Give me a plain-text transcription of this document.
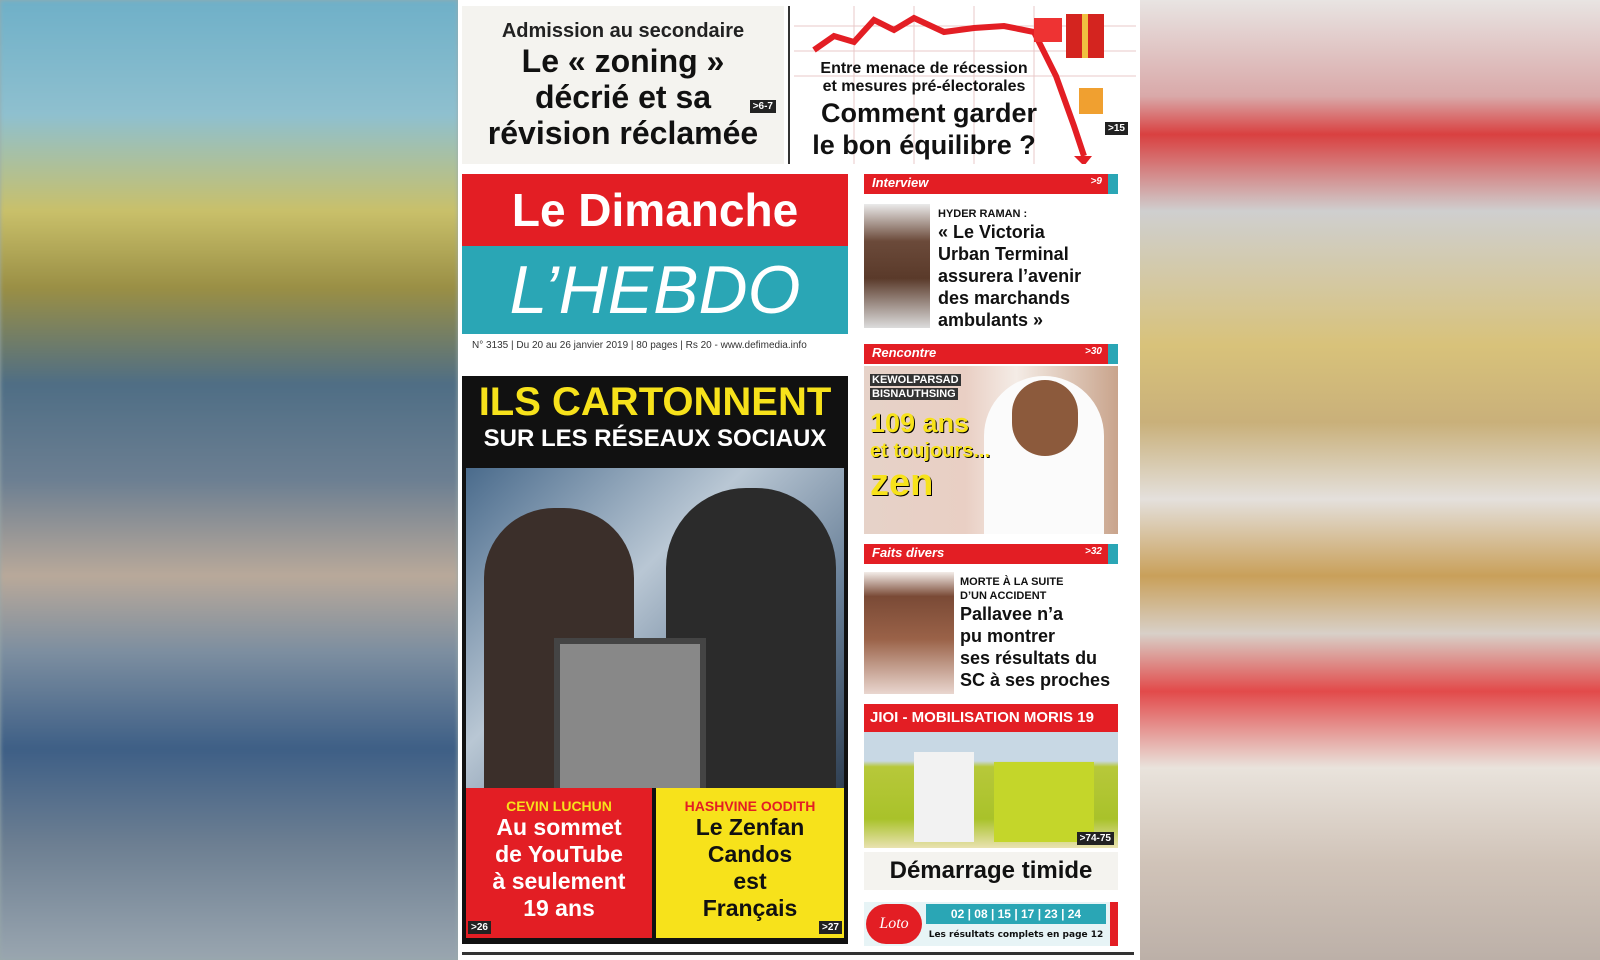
Admission au secondaire
Le « zoning »
décrié et sa
révision réclamée
>6-7
Entre menace de récession
et mesures pré-électorales
Comment garder
le bon équilibre ?
>15
Le Dimanche
L’HEBDO
N° 3135 | Du 20 au 26 janvier 2019 | 80 pages | Rs 20 - www.defimedia.info
ILS CARTONNENT
SUR LES RÉSEAUX SOCIAUX
CEVIN LUCHUN
Au sommet
de YouTube
à seulement
19 ans
>26
HASHVINE OODITH
Le Zenfan
Candos
est
Français
>27
Interview	>9
HYDER RAMAN :
« Le Victoria
Urban Terminal
assurera l’avenir
des marchands
ambulants »
Rencontre	>30
KEWOLPARSAD
BISNAUTHSING
109 ans
et toujours...
zen
Faits divers	>32
MORTE À LA SUITE
D’UN ACCIDENT
Pallavee n’a
pu montrer
ses résultats du
SC à ses proches
JIOI - MOBILISATION MORIS 19
>74-75
Démarrage timide
Loto
02 | 08 | 15 | 17 | 23 | 24
Les résultats complets en page 12
